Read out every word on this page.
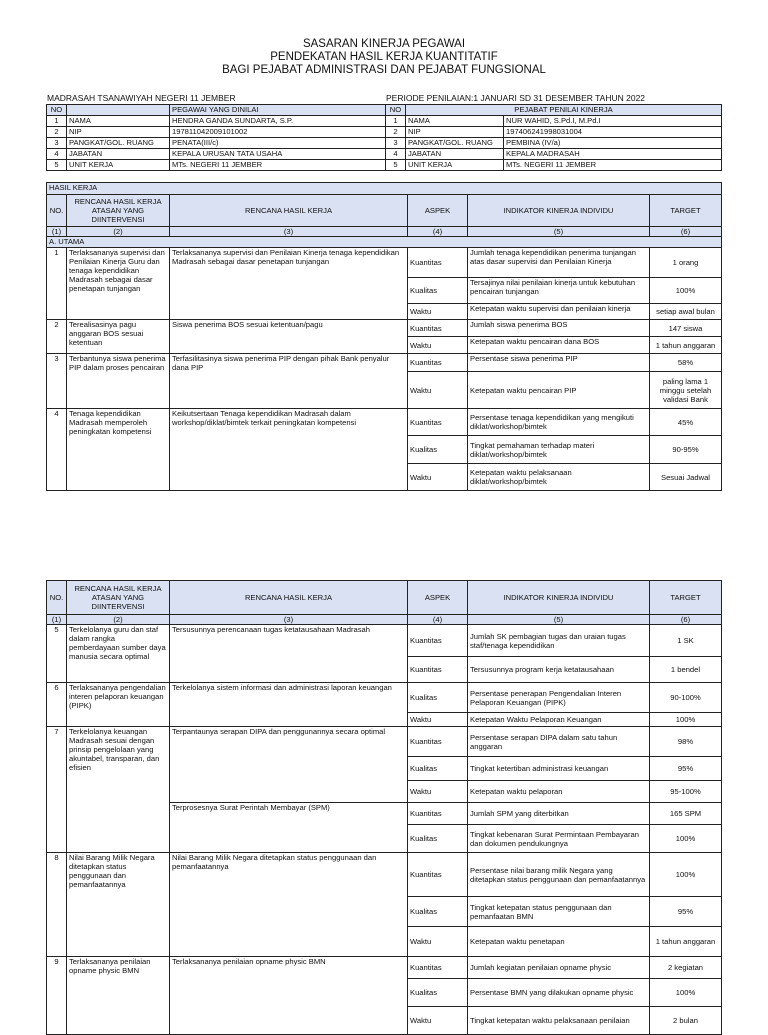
SASARAN KINERJA PEGAWAI
PENDEKATAN HASIL KERJA KUANTITATIF
BAGI PEJABAT ADMINISTRASI DAN PEJABAT FUNGSIONAL
MADRASAH TSANAWIYAH NEGERI 11 JEMBER	PERIODE PENILAIAN:1 JANUARI SD 31 DESEMBER TAHUN 2022
NO		PEGAWAI YANG DINILAI	NO	PEJABAT PENILAI KINERJA	
1	NAMA	HENDRA GANDA SUNDARTA, S.P.	1	NAMA	NUR WAHID, S.Pd.I, M.Pd.I
2	NIP	197811042009101002	2	NIP	197406241998031004
3	PANGKAT/GOL. RUANG	PENATA(III/c)	3	PANGKAT/GOL. RUANG	PEMBINA (IV/a)
4	JABATAN	KEPALA URUSAN TATA USAHA	4	JABATAN	KEPALA MADRASAH
5	UNIT KERJA	MTs. NEGERI 11 JEMBER	5	UNIT KERJA	MTs. NEGERI 11 JEMBER
HASIL KERJA					
NO.	RENCANA HASIL KERJA ATASAN YANG DIINTERVENSI	RENCANA HASIL KERJA	ASPEK	INDIKATOR KINERJA INDIVIDU	TARGET
(1)	(2)	(3)	(4)	(5)	(6)
A. UTAMA					
1	Terlaksananya supervisi dan Penilaian Kinerja Guru dan tenaga kependidikan Madrasah sebagai dasar penetapan tunjangan	Terlaksananya supervisi dan Penilaian Kinerja tenaga kependidikan Madrasah sebagai dasar penetapan tunjangan	Kuantitas	Jumlah tenaga kependidikan penerima tunjangan atas dasar supervisi dan Penilaian Kinerja	1 orang
			Kualitas	Tersajinya nilai penilaian kinerja untuk kebutuhan pencairan tunjangan	100%
			Waktu	Ketepatan waktu supervisi dan penilaian kinerja	setiap awal bulan
2	Terealisasinya pagu anggaran BOS sesuai ketentuan	Siswa penerima BOS sesuai ketentuan/pagu	Kuantitas	Jumlah siswa penerima BOS	147 siswa
			Waktu	Ketepatan waktu pencairan dana BOS	1 tahun anggaran
3	Terbantunya siswa penerima PIP dalam proses pencairan	Terfasilitasinya siswa penerima PIP dengan pihak Bank penyalur dana PIP	Kuantitas	Persentase siswa penerima PIP	58%
			Waktu	Ketepatan waktu pencairan PIP	paling lama 1 minggu setelah validasi Bank
4	Tenaga kependidikan Madrasah memperoleh peningkatan kompetensi	Keikutsertaan Tenaga kependidikan Madrasah dalam workshop/diklat/bimtek terkait peningkatan kompetensi	Kuantitas	Persentase tenaga kependidikan yang mengikuti diklat/workshop/bimtek	45%
			Kualitas	Tingkat pemahaman terhadap materi diklat/workshop/bimtek	90-95%
			Waktu	Ketepatan waktu pelaksanaan diklat/workshop/bimtek	Sesuai Jadwal
NO.	RENCANA HASIL KERJA ATASAN YANG DIINTERVENSI	RENCANA HASIL KERJA	ASPEK	INDIKATOR KINERJA INDIVIDU	TARGET
(1)	(2)	(3)	(4)	(5)	(6)
5	Terkelolanya guru dan staf dalam rangka pemberdayaan sumber daya manusia secara optimal	Tersusunnya perencanaan tugas ketatausahaan Madrasah	Kuantitas	Jumlah SK pembagian tugas dan uraian tugas staf/tenaga kependidikan	1 SK
			Kuantitas	Tersusunnya program kerja ketatausahaan	1 bendel
6	Terlaksananya pengendalian interen pelaporan keuangan (PIPK)	Terkelolanya sistem informasi dan administrasi laporan keuangan	Kualitas	Persentase penerapan Pengendalian Interen Pelaporan Keuangan (PIPK)	90-100%
			Waktu	Ketepatan Waktu Pelaporan Keuangan	100%
7	Terkelolanya keuangan Madrasah sesuai dengan prinsip pengelolaan yang akuntabel, transparan, dan efisien	Terpantaunya serapan DIPA dan penggunannya secara optimal	Kuantitas	Persentase serapan DIPA dalam satu tahun anggaran	98%
			Kualitas	Tingkat ketertiban administrasi keuangan	95%
			Waktu	Ketepatan waktu pelaporan	95-100%
		Terprosesnya Surat Perintah Membayar (SPM)	Kuantitas	Jumlah SPM yang diterbitkan	165 SPM
			Kualitas	Tingkat kebenaran Surat Permintaan Pembayaran dan dokumen pendukungnya	100%
8	Nilai Barang Milik Negara ditetapkan status penggunaan dan pemanfaatannya	Nilai Barang Milik Negara ditetapkan status penggunaan dan pemanfaatannya	Kuantitas	Persentase nilai barang milik Negara yang ditetapkan status penggunaan dan pemanfaatannya	100%
			Kualitas	Tingkat ketepatan status penggunaan dan pemanfaatan BMN	95%
			Waktu	Ketepatan waktu penetapan	1 tahun anggaran
9	Terlaksananya penilaian opname physic BMN	Terlaksananya penilaian opname physic BMN	Kuantitas	Jumlah kegiatan penilaian opname physic	2 kegiatan
			Kualitas	Persentase BMN yang dilakukan opname physic	100%
			Waktu	Tingkat ketepatan waktu pelaksanaan penilaian	2 bulan
